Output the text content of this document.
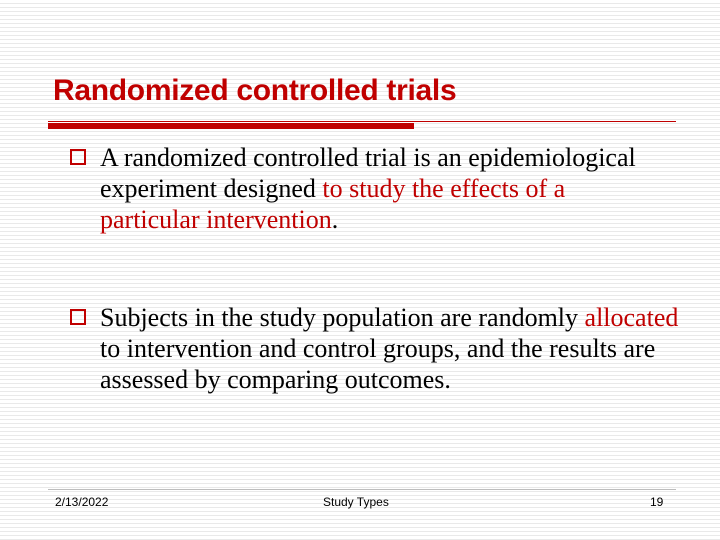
Randomized controlled trials
A randomized controlled trial is an epidemiological experiment designed to study the effects of a particular intervention.
Subjects in the study population are randomly allocated to intervention and control groups, and the results are assessed by comparing outcomes.
2/13/2022	Study Types	19
